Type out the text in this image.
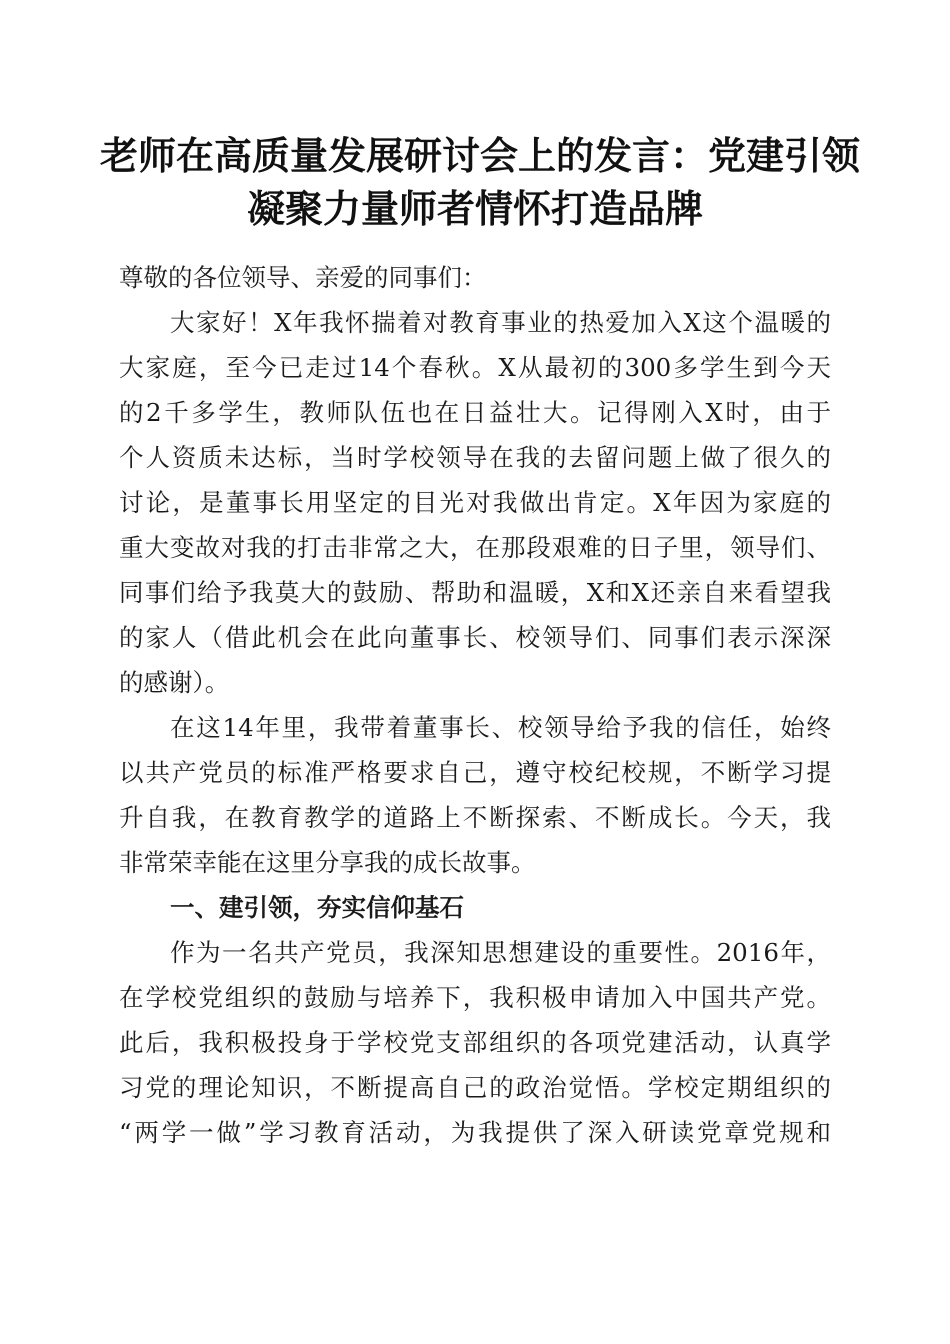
老师在高质量发展研讨会上的发言：党建引领
凝聚力量师者情怀打造品牌
尊敬的各位领导、亲爱的同事们：
大家好！X年我怀揣着对教育事业的热爱加入X这个温暖的
大家庭，至今已走过14个春秋。X从最初的300多学生到今天
的2千多学生，教师队伍也在日益壮大。记得刚入X时，由于
个人资质未达标，当时学校领导在我的去留问题上做了很久的
讨论，是董事长用坚定的目光对我做出肯定。X年因为家庭的
重大变故对我的打击非常之大，在那段艰难的日子里，领导们、
同事们给予我莫大的鼓励、帮助和温暖，X和X还亲自来看望我
的家人（借此机会在此向董事长、校领导们、同事们表示深深
的感谢）。
在这14年里，我带着董事长、校领导给予我的信任，始终
以共产党员的标准严格要求自己，遵守校纪校规，不断学习提
升自我，在教育教学的道路上不断探索、不断成长。今天，我
非常荣幸能在这里分享我的成长故事。
一、建引领，夯实信仰基石
作为一名共产党员，我深知思想建设的重要性。2016年，
在学校党组织的鼓励与培养下，我积极申请加入中国共产党。
此后，我积极投身于学校党支部组织的各项党建活动，认真学
习党的理论知识，不断提高自己的政治觉悟。学校定期组织的
“两学一做”学习教育活动，为我提供了深入研读党章党规和
